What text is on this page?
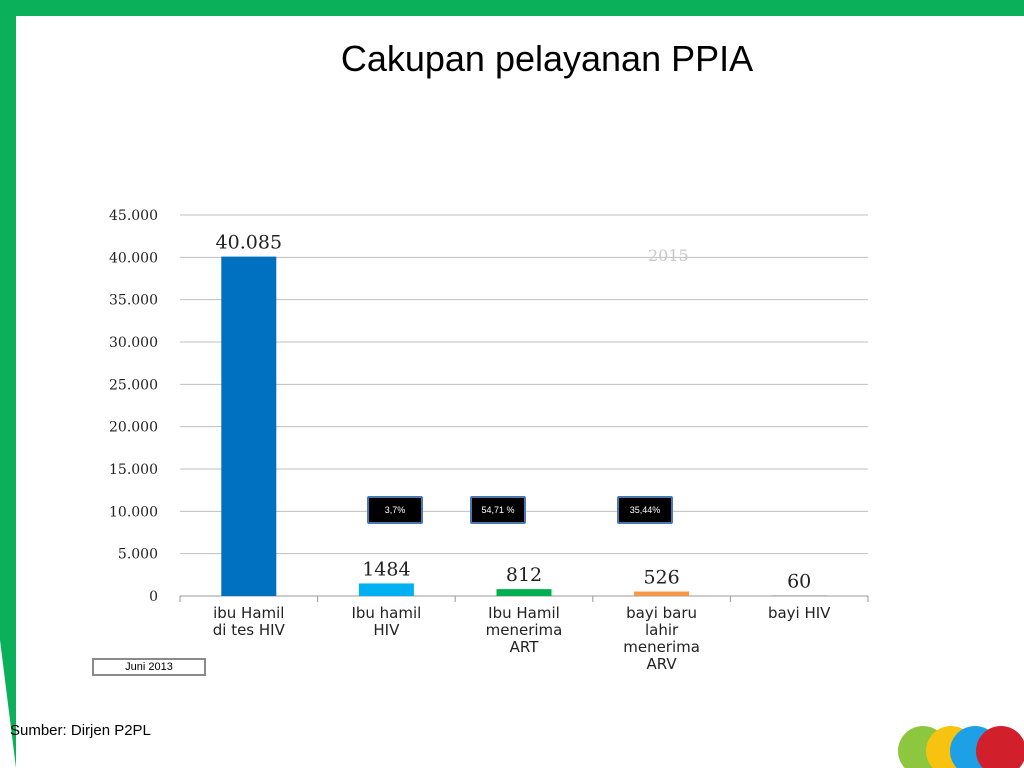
Cakupan pelayanan PPIA
0
5.000
10.000
15.000
20.000
25.000
30.000
35.000
40.000
45.000
40.085
1484	812	526	60
ibu Hamil
di tes HIV
Ibu hamil
HIV
Ibu Hamil
menerima
ART
bayi baru
lahir
menerima
ARV
bayi HIV
2015
3,7%	54,71 %	35,44%
Juni 2013
Sumber: Dirjen P2PL
